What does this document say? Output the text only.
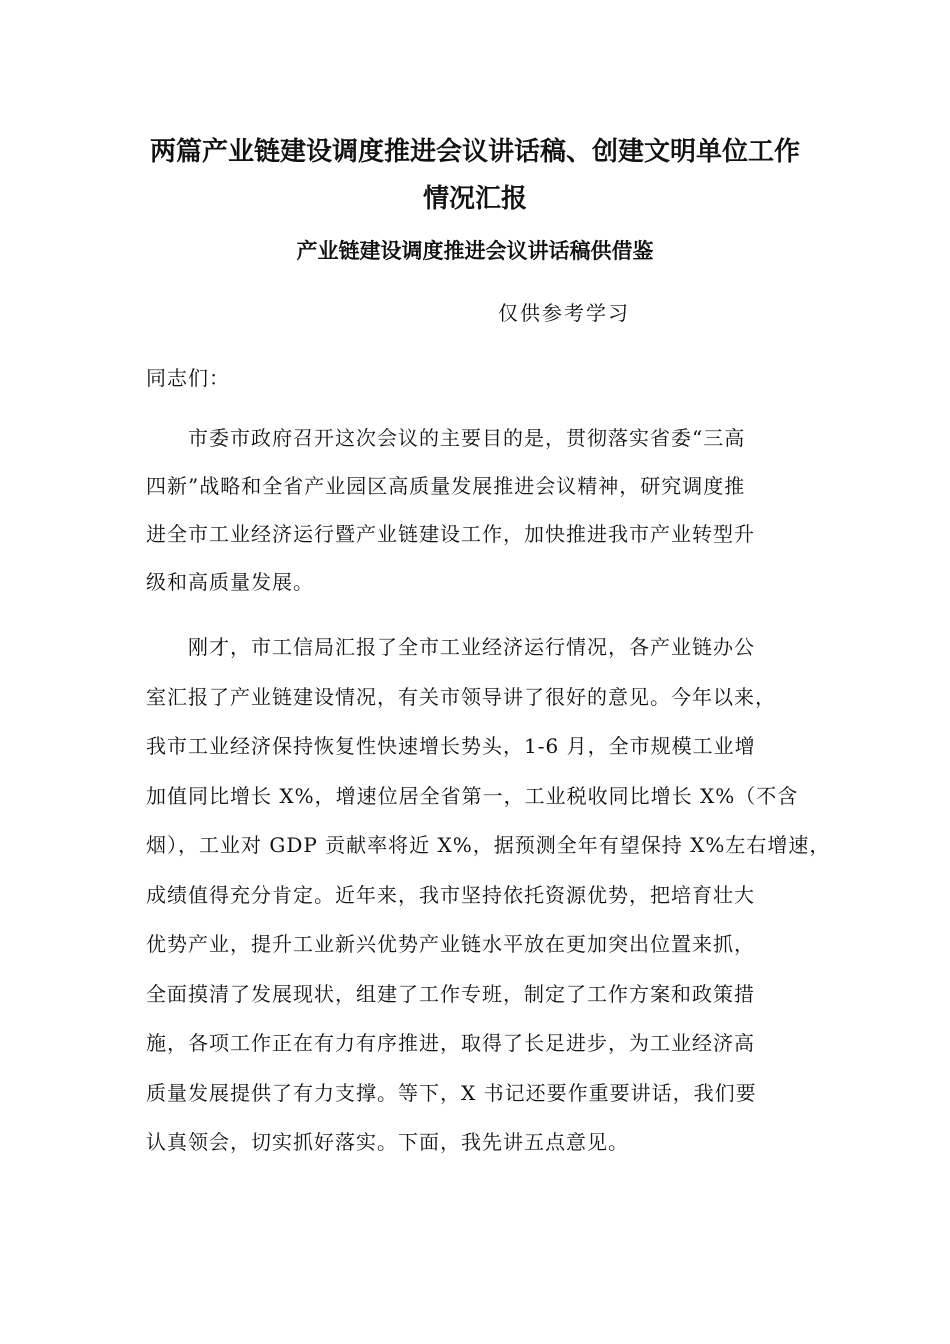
两篇产业链建设调度推进会议讲话稿、创建文明单位工作
情况汇报
产业链建设调度推进会议讲话稿供借鉴

仅供参考学习

同志们：

市委市政府召开这次会议的主要目的是，贯彻落实省委“三高

四新”战略和全省产业园区高质量发展推进会议精神，研究调度推

进全市工业经济运行暨产业链建设工作，加快推进我市产业转型升

级和高质量发展。

刚才，市工信局汇报了全市工业经济运行情况，各产业链办公

室汇报了产业链建设情况，有关市领导讲了很好的意见。今年以来，

我市工业经济保持恢复性快速增长势头，1-6 月，全市规模工业增

加值同比增长 X%，增速位居全省第一，工业税收同比增长 X%（不含

烟），工业对 GDP 贡献率将近 X%，据预测全年有望保持 X%左右增速，

成绩值得充分肯定。近年来，我市坚持依托资源优势，把培育壮大

优势产业，提升工业新兴优势产业链水平放在更加突出位置来抓，

全面摸清了发展现状，组建了工作专班，制定了工作方案和政策措

施，各项工作正在有力有序推进，取得了长足进步，为工业经济高

质量发展提供了有力支撑。等下，X 书记还要作重要讲话，我们要

认真领会，切实抓好落实。下面，我先讲五点意见。
